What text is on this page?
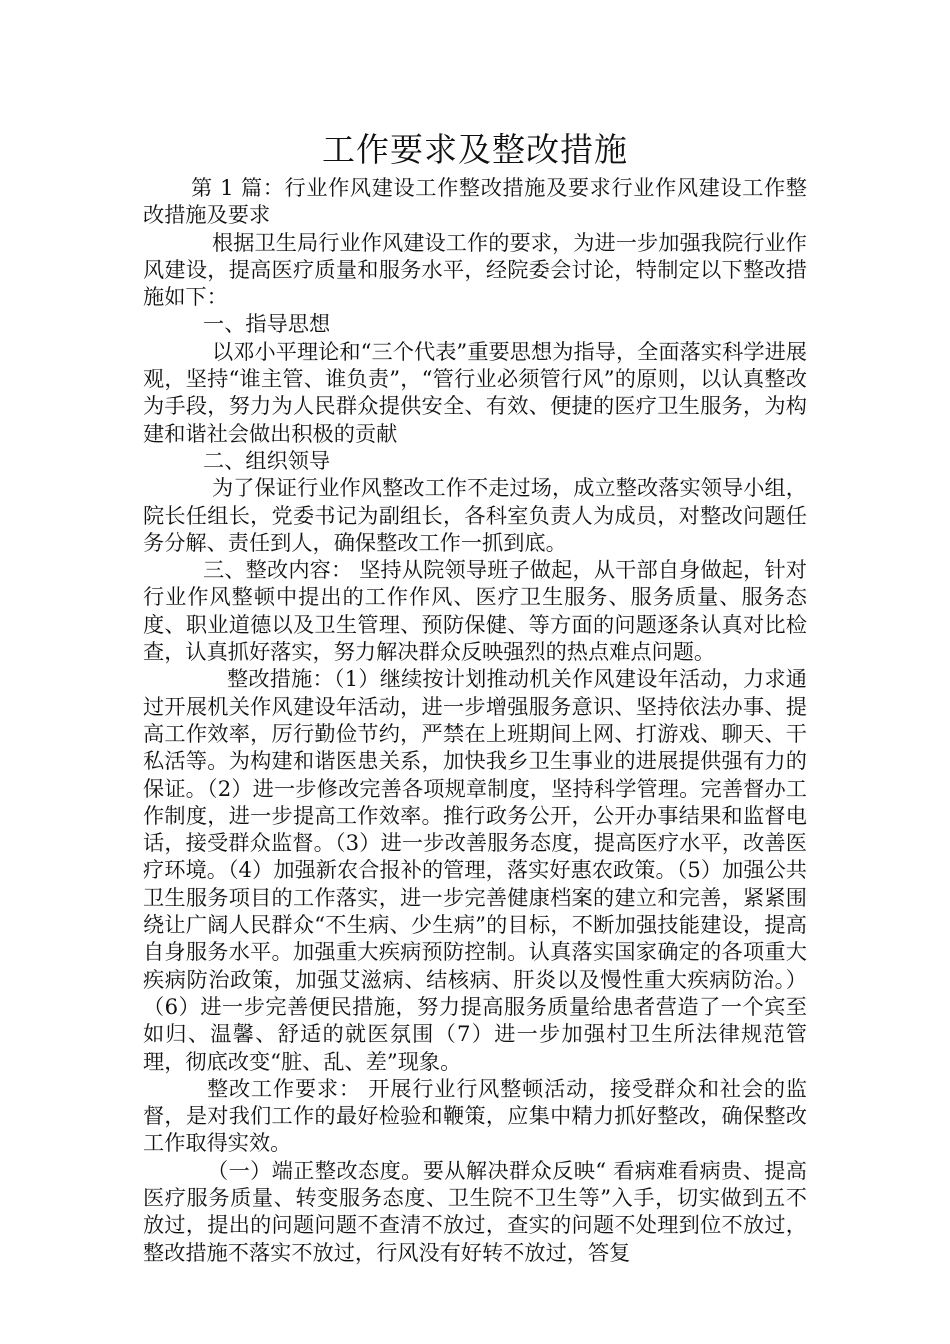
工作要求及整改措施

第 1 篇：行业作风建设工作整改措施及要求行业作风建设工作整改措施及要求

根据卫生局行业作风建设工作的要求，为进一步加强我院行业作风建设，提高医疗质量和服务水平，经院委会讨论，特制定以下整改措施如下：

一、指导思想

以邓小平理论和“三个代表”重要思想为指导，全面落实科学进展观，坚持“谁主管、谁负责”，“管行业必须管行风”的原则，以认真整改为手段，努力为人民群众提供安全、有效、便捷的医疗卫生服务，为构建和谐社会做出积极的贡献

二、组织领导

为了保证行业作风整改工作不走过场，成立整改落实领导小组，院长任组长，党委书记为副组长，各科室负责人为成员，对整改问题任务分解、责任到人，确保整改工作一抓到底。

三、整改内容： 坚持从院领导班子做起，从干部自身做起，针对行业作风整顿中提出的工作作风、医疗卫生服务、服务质量、服务态度、职业道德以及卫生管理、预防保健、等方面的问题逐条认真对比检查，认真抓好落实，努力解决群众反映强烈的热点难点问题。

整改措施：（1）继续按计划推动机关作风建设年活动，力求通过开展机关作风建设年活动，进一步增强服务意识、坚持依法办事、提高工作效率，厉行勤俭节约，严禁在上班期间上网、打游戏、聊天、干私活等。为构建和谐医患关系，加快我乡卫生事业的进展提供强有力的保证。（2）进一步修改完善各项规章制度，坚持科学管理。完善督办工作制度，进一步提高工作效率。推行政务公开，公开办事结果和监督电话，接受群众监督。（3）进一步改善服务态度，提高医疗水平，改善医疗环境。（4）加强新农合报补的管理，落实好惠农政策。（5）加强公共卫生服务项目的工作落实，进一步完善健康档案的建立和完善，紧紧围绕让广阔人民群众“不生病、少生病”的目标，不断加强技能建设，提高自身服务水平。加强重大疾病预防控制。认真落实国家确定的各项重大疾病防治政策，加强艾滋病、结核病、肝炎以及慢性重大疾病防治。）（6）进一步完善便民措施，努力提高服务质量给患者营造了一个宾至如归、温馨、舒适的就医氛围（7）进一步加强村卫生所法律规范管理，彻底改变“脏、乱、差”现象。

整改工作要求： 开展行业行风整顿活动，接受群众和社会的监督，是对我们工作的最好检验和鞭策，应集中精力抓好整改，确保整改工作取得实效。

（一）端正整改态度。要从解决群众反映“ 看病难看病贵、提高医疗服务质量、转变服务态度、卫生院不卫生等”入手，切实做到五不放过，提出的问题问题不查清不放过，查实的问题不处理到位不放过，整改措施不落实不放过，行风没有好转不放过，答复
